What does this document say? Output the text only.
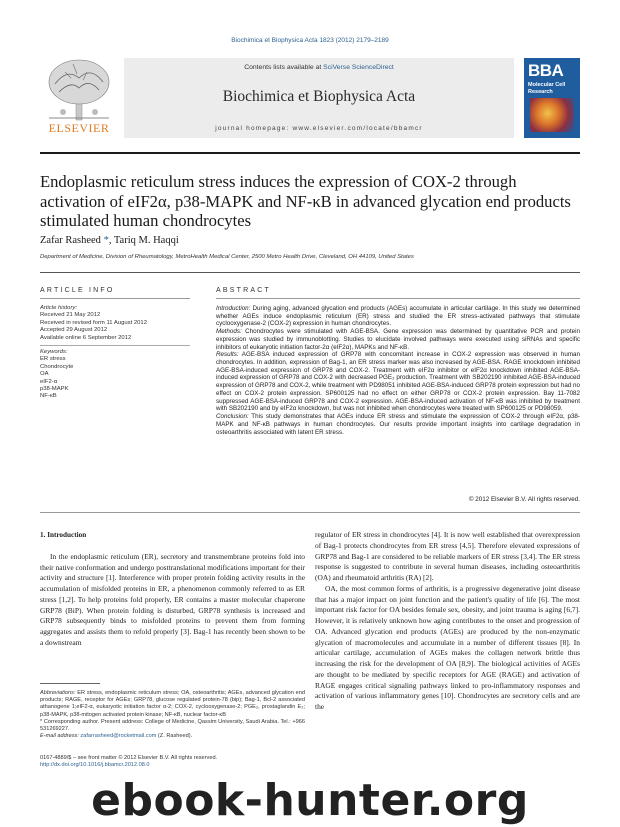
Biochimica et Biophysica Acta 1823 (2012) 2179–2189
ELSEVIER
Contents lists available at SciVerse ScienceDirect
Biochimica et Biophysica Acta
journal homepage: www.elsevier.com/locate/bbamcr
BBA
Molecular Cell Research
Endoplasmic reticulum stress induces the expression of COX-2 through activation of eIF2α, p38-MAPK and NF-κB in advanced glycation end products stimulated human chondrocytes
Zafar Rasheed *, Tariq M. Haqqi
Department of Medicine, Division of Rheumatology, MetroHealth Medical Center, 2500 Metro Health Drive, Cleveland, OH 44109, United States
ARTICLE INFO	ABSTRACT
Article history:
Received 21 May 2012
Received in revised form 11 August 2012
Accepted 29 August 2012
Available online 6 September 2012
Keywords:
ER stress
Chondrocyte
OA
eIF2-α
p38-MAPK
NF-κB
Introduction: During aging, advanced glycation end products (AGEs) accumulate in articular cartilage. In this study we determined whether AGEs induce endoplasmic reticulum (ER) stress and studied the ER stress-activated pathways that stimulate cyclooxygenase-2 (COX-2) expression in human chondrocytes.
Methods: Chondrocytes were stimulated with AGE-BSA. Gene expression was determined by quantitative PCR and protein expression was studied by immunoblotting. Studies to elucidate involved pathways were executed using siRNAs and specific inhibitors of eukaryotic initiation factor-2α (eIF2α), MAPKs and NF-κB.
Results: AGE-BSA induced expression of GRP78 with concomitant increase in COX-2 expression was observed in human chondrocytes. In addition, expression of Bag-1, an ER stress marker was also increased by AGE-BSA. RAGE knockdown inhibited AGE-BSA-induced expression of GRP78 and COX-2. Treatment with eIF2α inhibitor or eIF2α knockdown inhibited AGE-BSA-induced expression of GRP78 and COX-2 with decreased PGE₂ production. Treatment with SB202190 inhibited AGE-BSA-induced expression of GRP78 and COX-2, while treatment with PD98051 inhibited AGE-BSA-induced GRP78 protein expression but had no effect on COX-2 protein expression. SP600125 had no effect on either GRP78 or COX-2 protein expression. Bay 11-7082 suppressed AGE-BSA-induced GRP78 and COX-2 expression. AGE-BSA-induced activation of NF-κB was inhibited by treatment with SB202190 and by eIF2α knockdown, but was not inhibited when chondrocytes were treated with SP600125 or PD98059.
Conclusion: This study demonstrates that AGEs induce ER stress and stimulate the expression of COX-2 through eIF2α, p38-MAPK and NF-κB pathways in human chondrocytes. Our results provide important insights into cartilage degradation in osteoarthritis associated with latent ER stress.
© 2012 Elsevier B.V. All rights reserved.
1. Introduction

In the endoplasmic reticulum (ER), secretory and transmembrane proteins fold into their native conformation and undergo posttranslational modifications important for their activity and structure [1]. Interference with proper protein folding activity results in the accumulation of misfolded proteins in ER, a phenomenon commonly referred to as ER stress [1,2]. To help proteins fold properly, ER contains a master molecular chaperone GRP78 (BiP). When protein folding is disturbed, GRP78 synthesis is increased and GRP78 subsequently binds to misfolded proteins to prevent them from forming aggregates and assists them to refold properly [3]. Bag-1 has recently been shown to be a downstream

regulator of ER stress in chondrocytes [4]. It is now well established that overexpression of Bag-1 protects chondrocytes from ER stress [4,5]. Therefore elevated expressions of GRP78 and Bag-1 are considered to be reliable markers of ER stress [3,4]. The ER stress response is suggested to contribute in several human diseases, including osteoarthritis (OA) and rheumatoid arthritis (RA) [2].

OA, the most common forms of arthritis, is a progressive degenerative joint disease that has a major impact on joint function and the patient's quality of life [6]. The most important risk factor for OA besides female sex, obesity, and joint trauma is aging [6,7]. However, it is relatively unknown how aging contributes to the onset and progression of OA. Advanced glycation end products (AGEs) are produced by the non-enzymatic glycation of macromolecules and accumulate in a number of different tissues [8]. In articular cartilage, accumulation of AGEs makes the collagen network brittle thus increasing the risk for the development of OA [8,9]. The biological activities of AGEs are thought to be mediated by specific receptors for AGE (RAGE) and activation of RAGE engages critical signaling pathways linked to pro-inflammatory responses and activation of various inflammatory genes [10]. Chondrocytes are secretory cells and are the

Abbreviations: ER stress, endoplasmic reticulum stress; OA, osteoarthritis; AGEs, advanced glycation end products; RAGE, receptor for AGEs; GRP78, glucose regulated protein-78 (bip); Bag-1, Bcl-2 associated athanogene 1;eIF2-α, eukaryotic initiation factor α-2; COX-2, cyclooxygenase-2; PGE₂, prostaglandin E₂; p38-MAPK, p38-mitogen activated protein kinase; NF-κB, nuclear factor-κB
* Corresponding author. Present address: College of Medicine, Qassim University, Saudi Arabia. Tel.: +966 531269227.
E-mail address: zafarrasheed@rocketmail.com (Z. Rasheed).
0167-4889/$ – see front matter © 2012 Elsevier B.V. All rights reserved.
http://dx.doi.org/10.1016/j.bbamcr.2012.08.0
ebook-hunter.org
